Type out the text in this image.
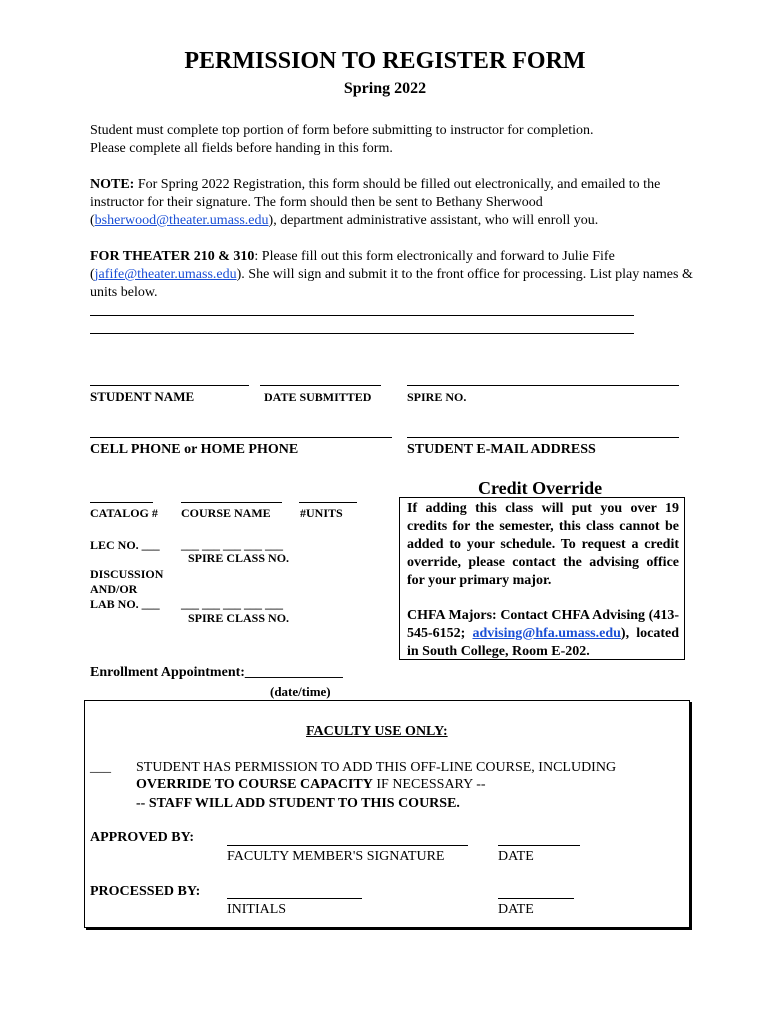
PERMISSION TO REGISTER FORM
Spring 2022
Student must complete top portion of form before submitting to instructor for completion.
Please complete all fields before handing in this form.
NOTE: For Spring 2022 Registration, this form should be filled out electronically, and emailed to the instructor for their signature. The form should then be sent to Bethany Sherwood (bsherwood@theater.umass.edu), department administrative assistant, who will enroll you.
FOR THEATER 210 & 310: Please fill out this form electronically and forward to Julie Fife (jafife@theater.umass.edu). She will sign and submit it to the front office for processing. List play names & units below.
STUDENT NAME	DATE SUBMITTED	SPIRE NO.
CELL PHONE or HOME PHONE	STUDENT E-MAIL ADDRESS
CATALOG # COURSE NAME #UNITS
LEC NO. ___ ___ ___ ___ ___ ___
SPIRE CLASS NO.
DISCUSSION
AND/OR
LAB NO. ___ ___ ___ ___ ___ ___
SPIRE CLASS NO.
Credit Override
If adding this class will put you over 19 credits for the semester, this class cannot be added to your schedule. To request a credit override, please contact the advising office for your primary major.
CHFA Majors: Contact CHFA Advising (413-545-6152; advising@hfa.umass.edu), located in South College, Room E-202.
Enrollment Appointment:______________
(date/time)
FACULTY USE ONLY:
___ STUDENT HAS PERMISSION TO ADD THIS OFF-LINE COURSE, INCLUDING
OVERRIDE TO COURSE CAPACITY IF NECESSARY --
-- STAFF WILL ADD STUDENT TO THIS COURSE.
APPROVED BY:
FACULTY MEMBER'S SIGNATURE	DATE
PROCESSED BY:
INITIALS	DATE
